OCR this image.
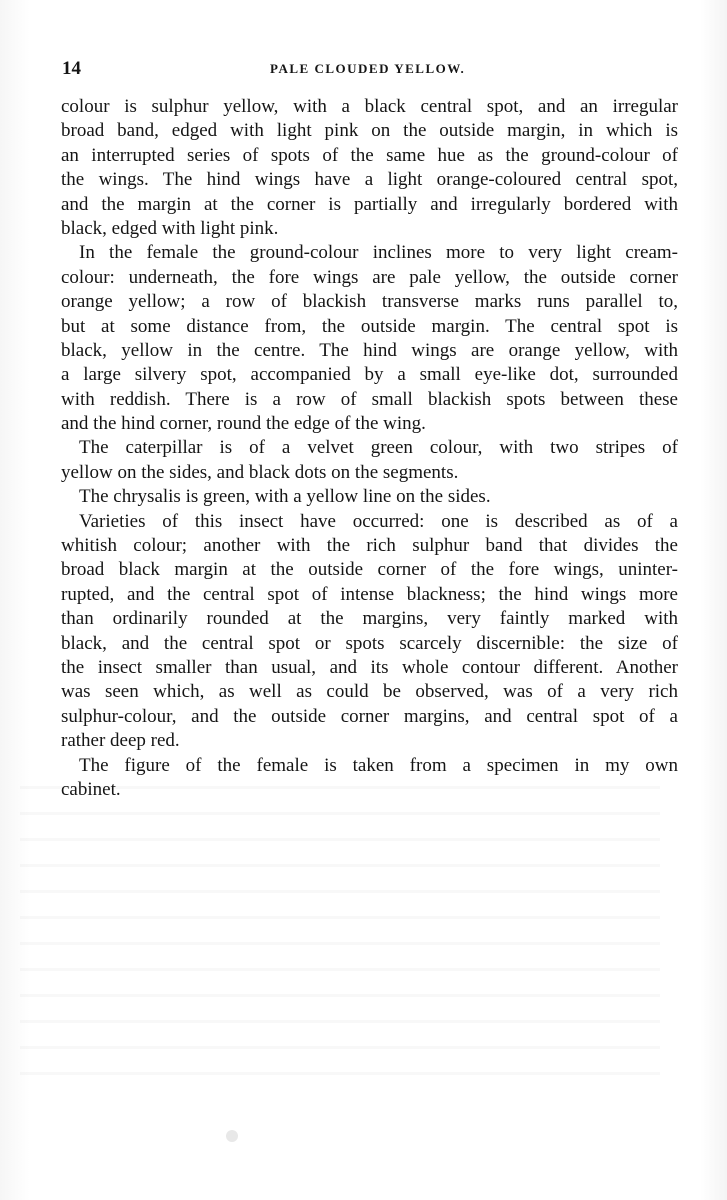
14	PALE CLOUDED YELLOW.

colour is sulphur yellow, with a black central spot, and an irregular
broad band, edged with light pink on the outside margin, in which is
an interrupted series of spots of the same hue as the ground-colour of
the wings. The hind wings have a light orange-coloured central spot,
and the margin at the corner is partially and irregularly bordered with
black, edged with light pink.

In the female the ground-colour inclines more to very light cream-
colour: underneath, the fore wings are pale yellow, the outside corner
orange yellow; a row of blackish transverse marks runs parallel to,
but at some distance from, the outside margin. The central spot is
black, yellow in the centre. The hind wings are orange yellow, with
a large silvery spot, accompanied by a small eye-like dot, surrounded
with reddish. There is a row of small blackish spots between these
and the hind corner, round the edge of the wing.

The caterpillar is of a velvet green colour, with two stripes of
yellow on the sides, and black dots on the segments.

The chrysalis is green, with a yellow line on the sides.

Varieties of this insect have occurred: one is described as of a
whitish colour; another with the rich sulphur band that divides the
broad black margin at the outside corner of the fore wings, uninter-
rupted, and the central spot of intense blackness; the hind wings more
than ordinarily rounded at the margins, very faintly marked with
black, and the central spot or spots scarcely discernible: the size of
the insect smaller than usual, and its whole contour different. Another
was seen which, as well as could be observed, was of a very rich
sulphur-colour, and the outside corner margins, and central spot of a
rather deep red.

The figure of the female is taken from a specimen in my own
cabinet.
